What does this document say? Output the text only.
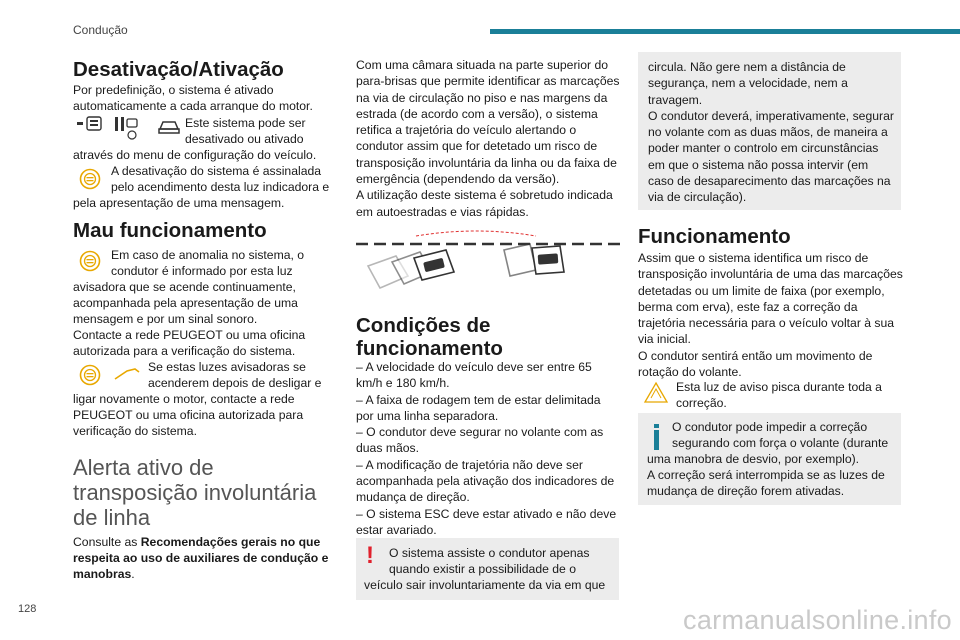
Condução
128	carmanualsonline.info
Desativação/Ativação
Por predefinição, o sistema é ativado
automaticamente a cada arranque do motor.
Este sistema pode ser
desativado ou ativado
através do menu de configuração do veículo.
A desativação do sistema é assinalada
pelo acendimento desta luz indicadora e
pela apresentação de uma mensagem.
Mau funcionamento
Em caso de anomalia no sistema, o
condutor é informado por esta luz
avisadora que se acende continuamente,
acompanhada pela apresentação de uma
mensagem e por um sinal sonoro.
Contacte a rede PEUGEOT ou uma oficina
autorizada para a verificação do sistema.
Se estas luzes avisadoras se
acenderem depois de desligar e
ligar novamente o motor, contacte a rede
PEUGEOT ou uma oficina autorizada para
verificação do sistema.
Alerta ativo de
transposição involuntária
de linha
Consulte as Recomendações gerais no que
respeita ao uso de auxiliares de condução e
manobras.
Com uma câmara situada na parte superior do
para-brisas que permite identificar as marcações
na via de circulação no piso e nas margens da
estrada (de acordo com a versão), o sistema
retifica a trajetória do veículo alertando o
condutor assim que for detetado um risco de
transposição involuntária da linha ou da faixa de
emergência (dependendo da versão).
A utilização deste sistema é sobretudo indicada
em autoestradas e vias rápidas.
Condições de
funcionamento
– A velocidade do veículo deve ser entre 65
km/h e 180 km/h.
– A faixa de rodagem tem de estar delimitada
por uma linha separadora.
– O condutor deve segurar no volante com as
duas mãos.
– A modificação de trajetória não deve ser
acompanhada pela ativação dos indicadores de
mudança de direção.
– O sistema ESC deve estar ativado e não deve
estar avariado.
! O sistema assiste o condutor apenas
quando existir a possibilidade de o
veículo sair involuntariamente da via em que
circula. Não gere nem a distância de
segurança, nem a velocidade, nem a
travagem.
O condutor deverá, imperativamente, segurar
no volante com as duas mãos, de maneira a
poder manter o controlo em circunstâncias
em que o sistema não possa intervir (em
caso de desaparecimento das marcações na
via de circulação).
Funcionamento
Assim que o sistema identifica um risco de
transposição involuntária de uma das marcações
detetadas ou um limite de faixa (por exemplo,
berma com erva), este faz a correção da
trajetória necessária para o veículo voltar à sua
via inicial.
O condutor sentirá então um movimento de
rotação do volante.
Esta luz de aviso pisca durante toda a
correção.
O condutor pode impedir a correção
segurando com força o volante (durante
uma manobra de desvio, por exemplo).
A correção será interrompida se as luzes de
mudança de direção forem ativadas.
